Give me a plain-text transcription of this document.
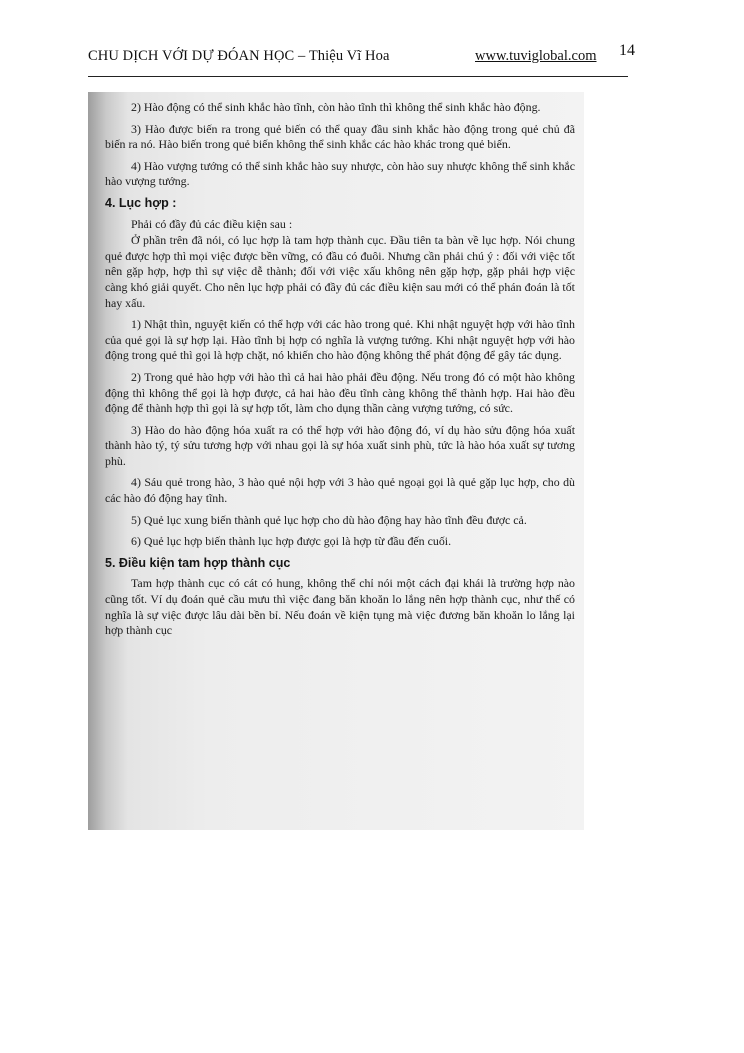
CHU DỊCH VỚI DỰ ĐÓAN HỌC – Thiệu Vĩ Hoa	www.tuviglobal.com 14

2) Hào động có thể sinh khắc hào tĩnh, còn hào tĩnh thì không thể sinh khắc hào động.

3) Hào được biến ra trong quẻ biến có thể quay đầu sinh khắc hào động trong quẻ chủ đã biến ra nó. Hào biến trong quẻ biến không thể sinh khắc các hào khác trong quẻ biến.

4) Hào vượng tướng có thể sinh khắc hào suy nhược, còn hào suy nhược không thể sinh khắc hào vượng tướng.

4. Lục hợp :

Phải có đầy đủ các điều kiện sau :

Ở phần trên đã nói, có lục hợp là tam hợp thành cục. Đầu tiên ta bàn về lục hợp. Nói chung quẻ được hợp thì mọi việc được bền vững, có đầu có đuôi. Nhưng cần phải chú ý : đối với việc tốt nên gặp hợp, hợp thì sự việc dễ thành; đối với việc xấu không nên gặp hợp, gặp phải hợp việc càng khó giải quyết. Cho nên lục hợp phải có đầy đủ các điều kiện sau mới có thể phán đoán là tốt hay xấu.

1) Nhật thìn, nguyệt kiến có thể hợp với các hào trong quẻ. Khi nhật nguyệt hợp với hào tĩnh của quẻ gọi là sự hợp lại. Hào tĩnh bị hợp có nghĩa là vượng tướng. Khi nhật nguyệt hợp với hào động trong quẻ thì gọi là hợp chặt, nó khiến cho hào động không thể phát động để gây tác dụng.

2) Trong quẻ hào hợp với hào thì cả hai hào phải đều động. Nếu trong đó có một hào không động thì không thể gọi là hợp được, cả hai hào đều tĩnh càng không thể thành hợp. Hai hào đều động để thành hợp thì gọi là sự hợp tốt, làm cho dụng thần càng vượng tướng, có sức.

3) Hào do hào động hóa xuất ra có thể hợp với hào động đó, ví dụ hào sửu động hóa xuất thành hào tý, tý sửu tương hợp với nhau gọi là sự hóa xuất sinh phù, tức là hào hóa xuất sự tương phù.

4) Sáu quẻ trong hào, 3 hào quẻ nội hợp với 3 hào quẻ ngoại gọi là quẻ gặp lục hợp, cho dù các hào đó động hay tĩnh.

5) Quẻ lục xung biến thành quẻ lục hợp cho dù hào động hay hào tĩnh đều được cả.

6) Quẻ lục hợp biến thành lục hợp được gọi là hợp từ đầu đến cuối.

5. Điều kiện tam hợp thành cục

Tam hợp thành cục có cát có hung, không thể chỉ nói một cách đại khái là trường hợp nào cũng tốt. Ví dụ đoán quẻ cầu mưu thì việc đang băn khoăn lo lắng nên hợp thành cục, như thế có nghĩa là sự việc được lâu dài bền bỉ. Nếu đoán về kiện tụng mà việc đương băn khoăn lo lắng lại hợp thành cục
